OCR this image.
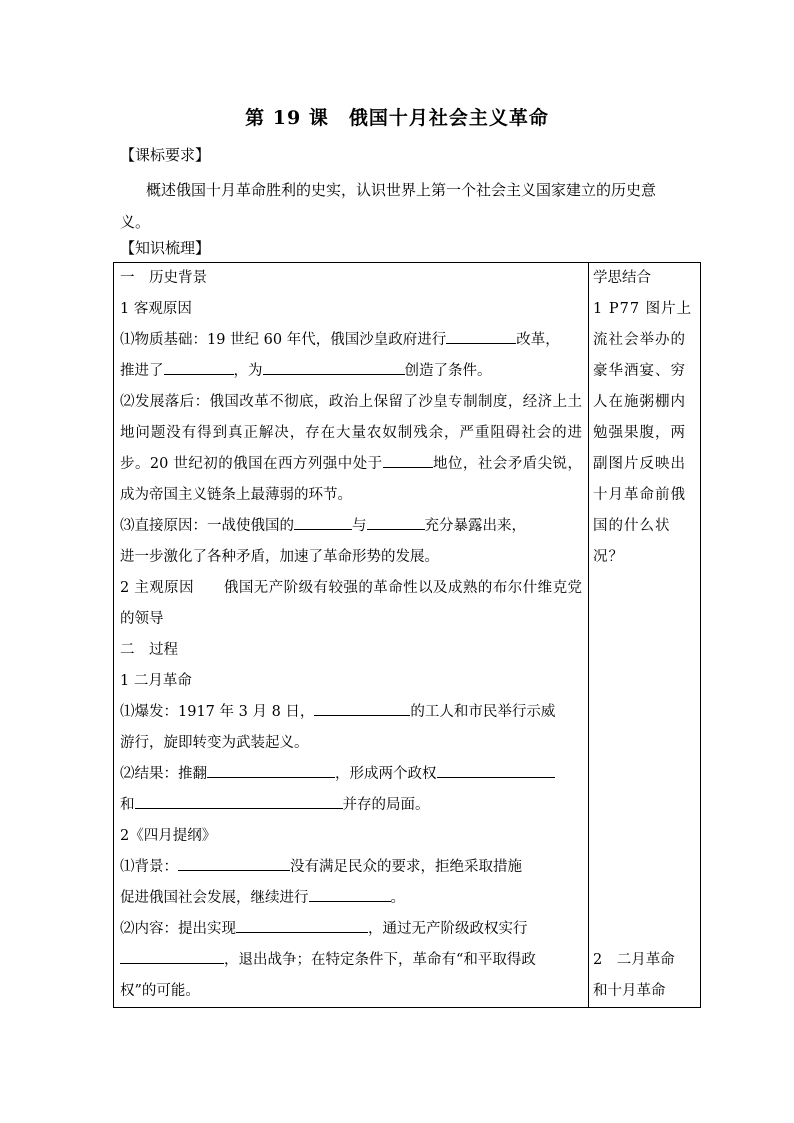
第 19 课　俄国十月社会主义革命
【课标要求】
概述俄国十月革命胜利的史实，认识世界上第一个社会主义国家建立的历史意义。
【知识梳理】
一　历史背景
1 客观原因
⑴物质基础：19 世纪 60 年代，俄国沙皇政府进行	改革，
推进了	，为	创造了条件。
⑵发展落后：俄国改革不彻底，政治上保留了沙皇专制制度，经济上土地问题没有得到真正解决，存在大量农奴制残余，严重阻碍社会的进步。20 世纪初的俄国在西方列强中处于	地位，社会矛盾尖锐，成为帝国主义链条上最薄弱的环节。
⑶直接原因：一战使俄国的	与	充分暴露出来，
进一步激化了各种矛盾，加速了革命形势的发展。
2 主观原因　　 俄国无产阶级有较强的革命性以及成熟的布尔什维克党的领导
二　过程
1 二月革命
⑴爆发：1917 年 3 月 8 日，	的工人和市民举行示威
游行，旋即转变为武装起义。
⑵结果：推翻	，形成两个政权
和	并存的局面。
2《四月提纲》
⑴背景：	没有满足民众的要求，拒绝采取措施
促进俄国社会发展，继续进行	。
⑵内容：提出实现	，通过无产阶级政权实行
，退出战争；在特定条件下，革命有“和平取得政
权”的可能。

学思结合
1 P77 图片上流社会举办的豪华酒宴、穷人在施粥棚内勉强果腹，两副图片反映出十月革命前俄国的什么状况？
2　二月革命
和十月革命
